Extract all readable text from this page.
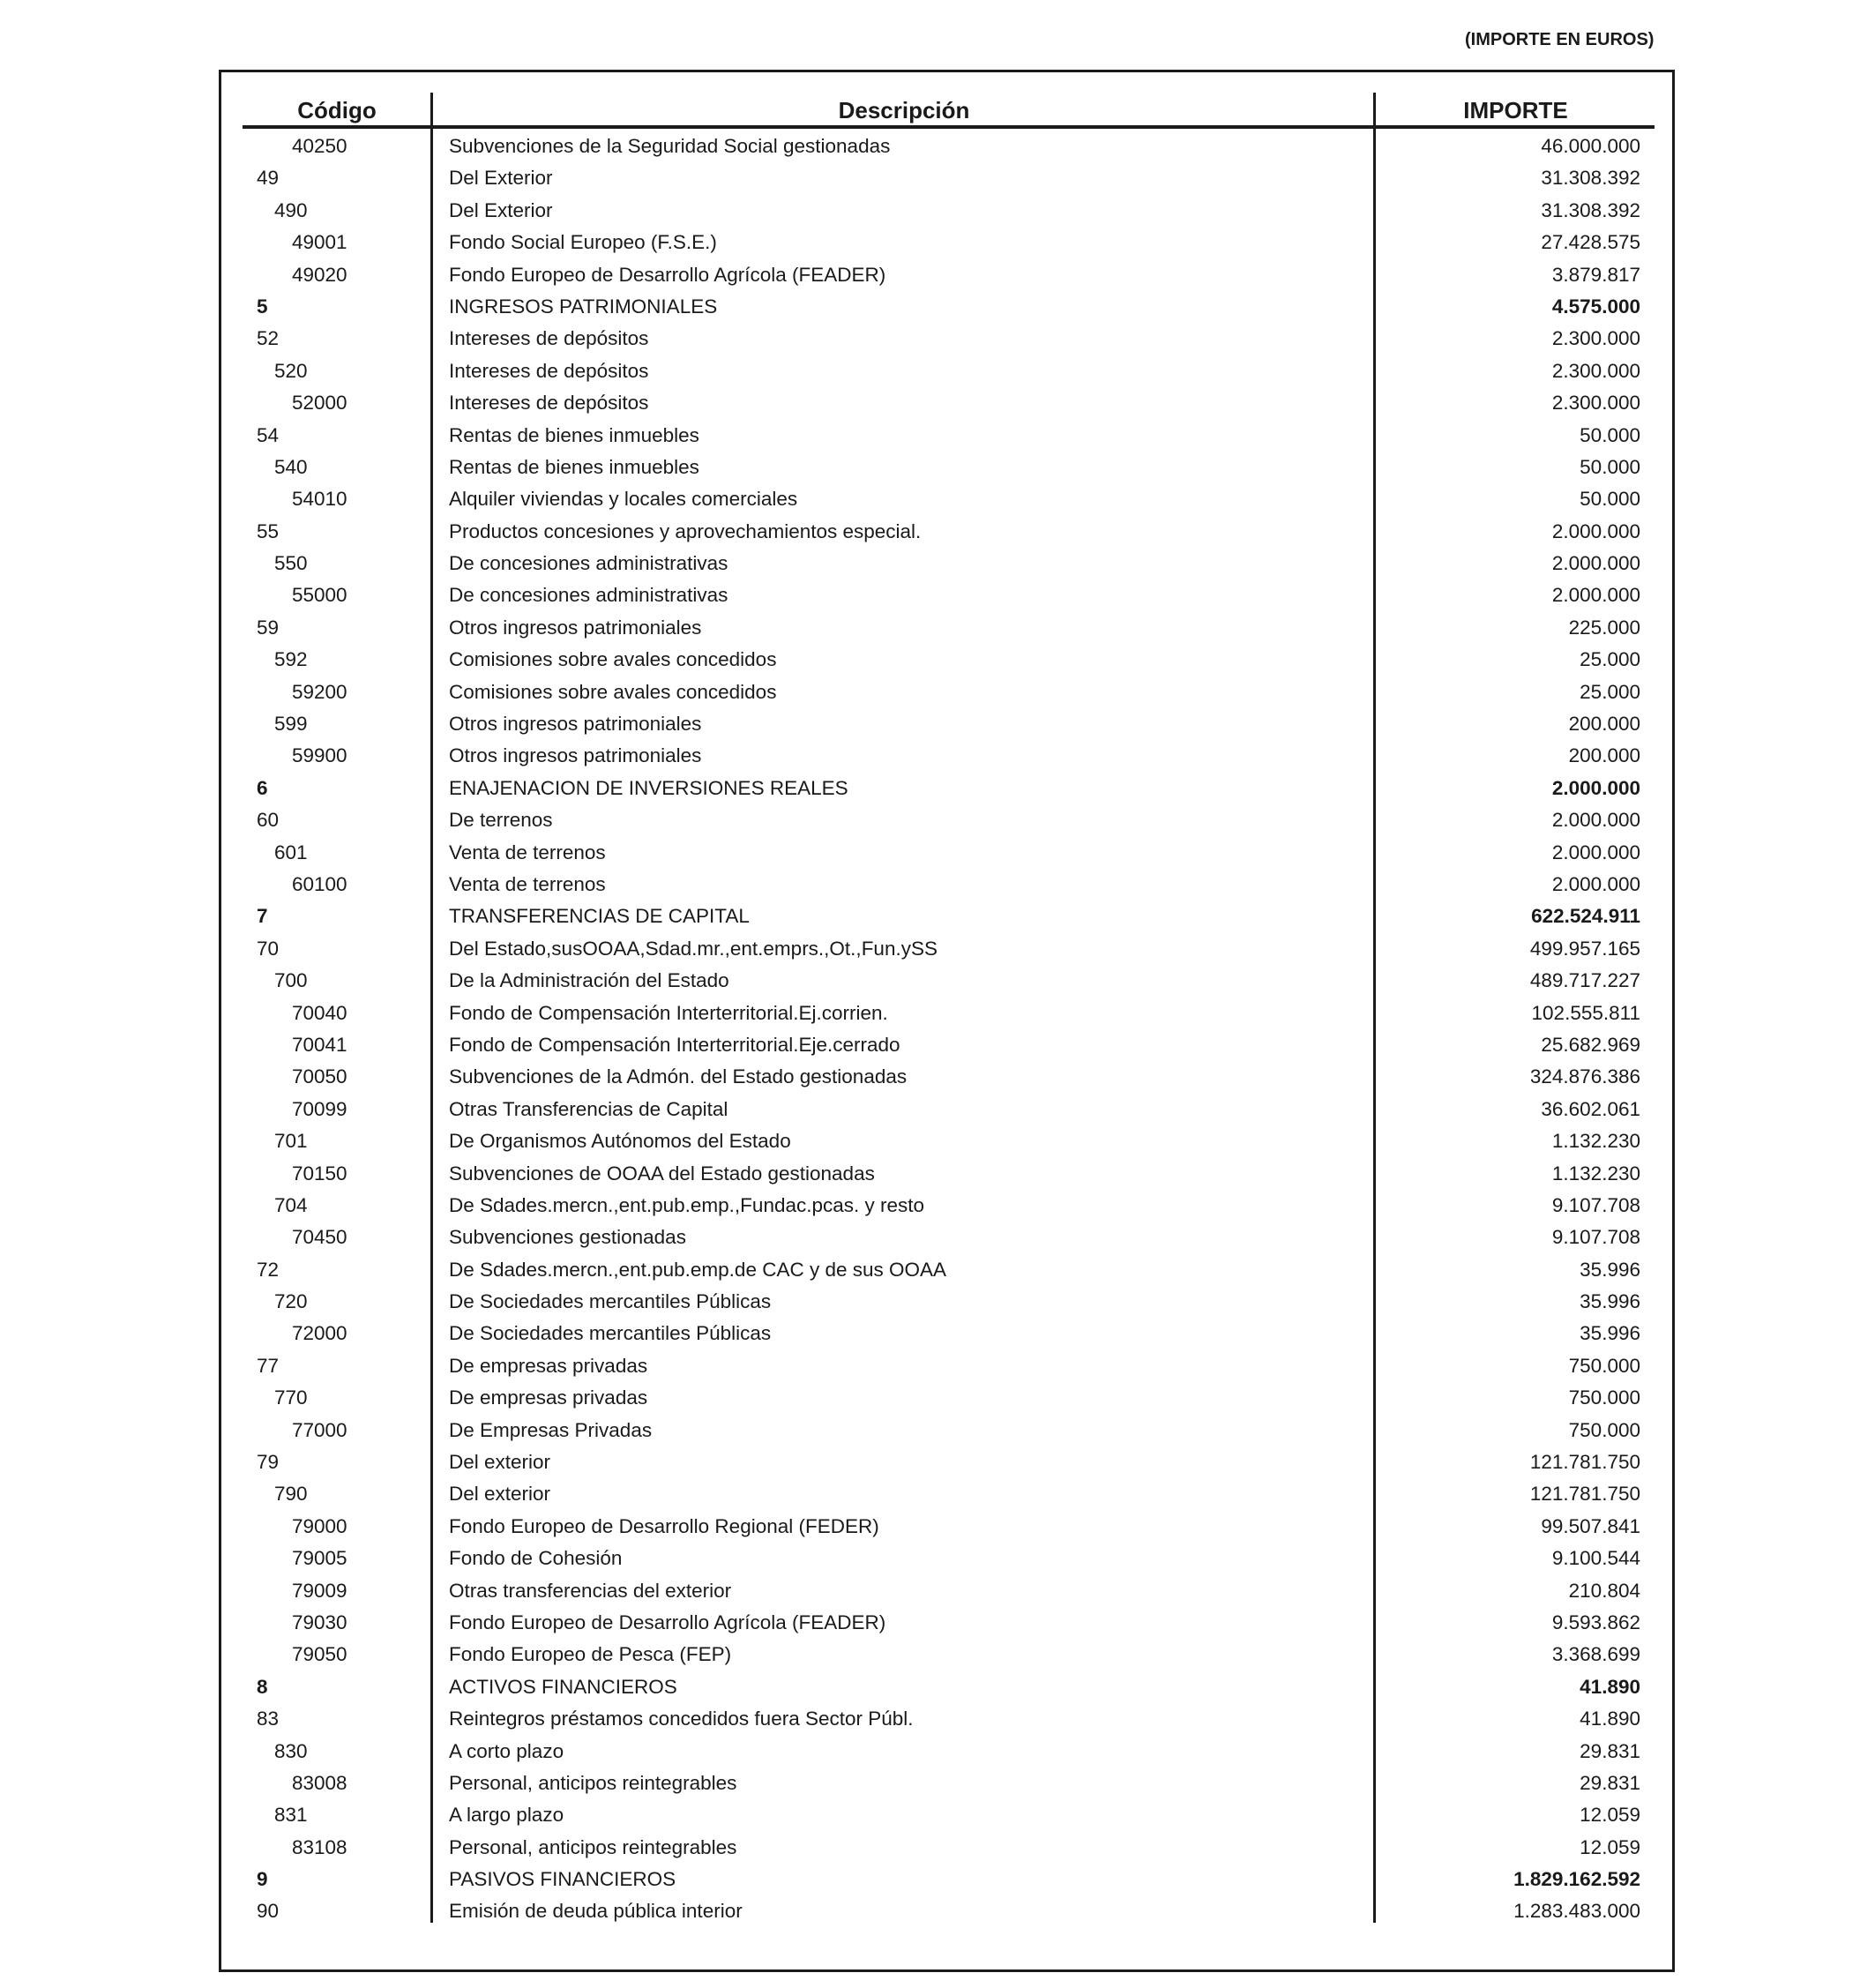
(IMPORTE EN EUROS)
Código	Descripción	IMPORTE
40250	Subvenciones de la Seguridad Social gestionadas	46.000.000
49	Del Exterior	31.308.392
490	Del Exterior	31.308.392
49001	Fondo Social Europeo (F.S.E.)	27.428.575
49020	Fondo Europeo de Desarrollo Agrícola (FEADER)	3.879.817
5	INGRESOS PATRIMONIALES	4.575.000
52	Intereses de depósitos	2.300.000
520	Intereses de depósitos	2.300.000
52000	Intereses de depósitos	2.300.000
54	Rentas de bienes inmuebles	50.000
540	Rentas de bienes inmuebles	50.000
54010	Alquiler viviendas y locales comerciales	50.000
55	Productos concesiones y aprovechamientos especial.	2.000.000
550	De concesiones administrativas	2.000.000
55000	De concesiones administrativas	2.000.000
59	Otros ingresos patrimoniales	225.000
592	Comisiones sobre avales concedidos	25.000
59200	Comisiones sobre avales concedidos	25.000
599	Otros ingresos patrimoniales	200.000
59900	Otros ingresos patrimoniales	200.000
6	ENAJENACION DE INVERSIONES REALES	2.000.000
60	De terrenos	2.000.000
601	Venta de terrenos	2.000.000
60100	Venta de terrenos	2.000.000
7	TRANSFERENCIAS DE CAPITAL	622.524.911
70	Del Estado,susOOAA,Sdad.mr.,ent.emprs.,Ot.,Fun.ySS	499.957.165
700	De la Administración del Estado	489.717.227
70040	Fondo de Compensación Interterritorial.Ej.corrien.	102.555.811
70041	Fondo de Compensación Interterritorial.Eje.cerrado	25.682.969
70050	Subvenciones de la Admón. del Estado gestionadas	324.876.386
70099	Otras Transferencias de Capital	36.602.061
701	De Organismos Autónomos del Estado	1.132.230
70150	Subvenciones de OOAA del Estado gestionadas	1.132.230
704	De Sdades.mercn.,ent.pub.emp.,Fundac.pcas. y resto	9.107.708
70450	Subvenciones gestionadas	9.107.708
72	De Sdades.mercn.,ent.pub.emp.de CAC y de sus OOAA	35.996
720	De Sociedades mercantiles Públicas	35.996
72000	De Sociedades mercantiles Públicas	35.996
77	De empresas privadas	750.000
770	De empresas privadas	750.000
77000	De Empresas Privadas	750.000
79	Del exterior	121.781.750
790	Del exterior	121.781.750
79000	Fondo Europeo de Desarrollo Regional (FEDER)	99.507.841
79005	Fondo de Cohesión	9.100.544
79009	Otras transferencias del exterior	210.804
79030	Fondo Europeo de Desarrollo Agrícola (FEADER)	9.593.862
79050	Fondo Europeo de Pesca (FEP)	3.368.699
8	ACTIVOS FINANCIEROS	41.890
83	Reintegros préstamos concedidos fuera Sector Públ.	41.890
830	A corto plazo	29.831
83008	Personal, anticipos reintegrables	29.831
831	A largo plazo	12.059
83108	Personal, anticipos reintegrables	12.059
9	PASIVOS FINANCIEROS	1.829.162.592
90	Emisión de deuda pública interior	1.283.483.000
